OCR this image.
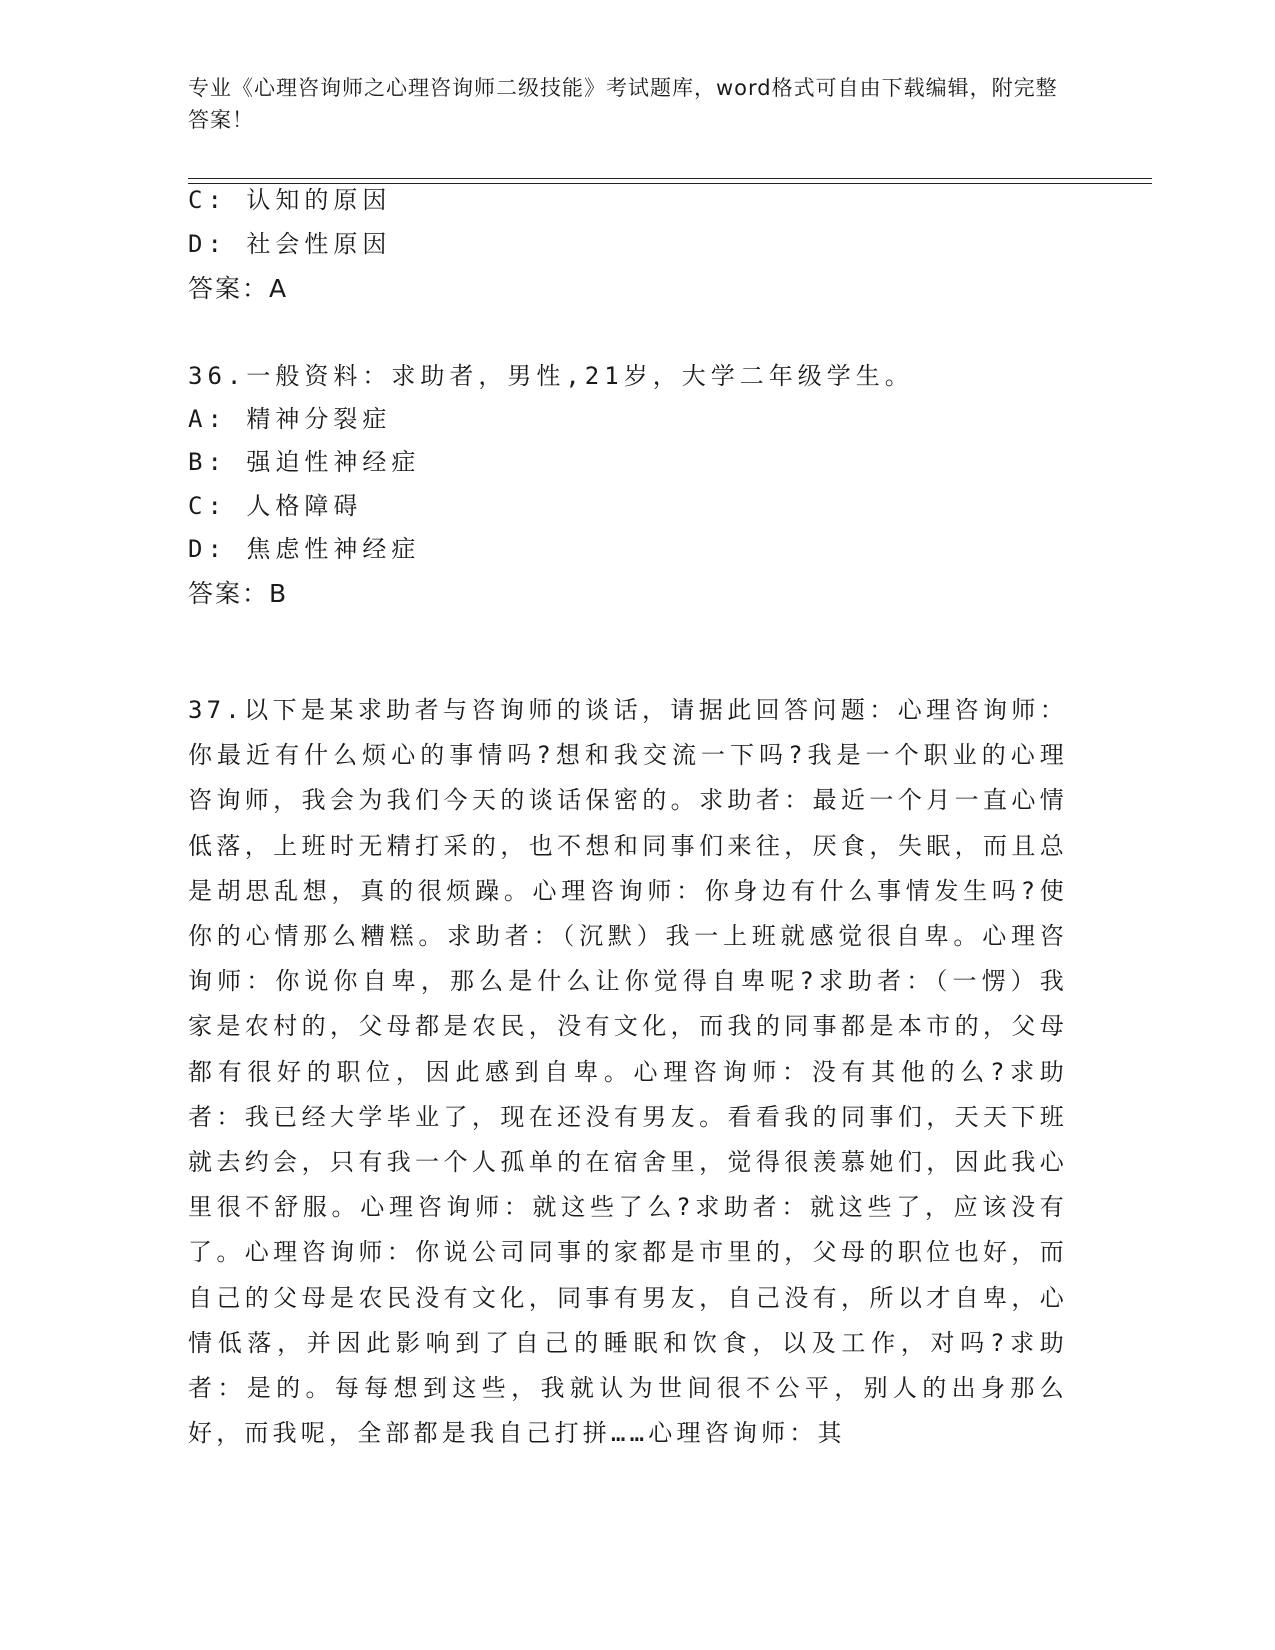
专业《心理咨询师之心理咨询师二级技能》考试题库，word格式可自由下载编辑，附完整答案！
C: 认知的原因
D: 社会性原因
答案：A
36.一般资料：求助者，男性,21岁，大学二年级学生。
A: 精神分裂症
B: 强迫性神经症
C: 人格障碍
D: 焦虑性神经症
答案：B
37.以下是某求助者与咨询师的谈话，请据此回答问题：心理咨询师：你最近有什么烦心的事情吗?想和我交流一下吗?我是一个职业的心理咨询师，我会为我们今天的谈话保密的。求助者：最近一个月一直心情低落，上班时无精打采的，也不想和同事们来往，厌食，失眠，而且总是胡思乱想，真的很烦躁。心理咨询师：你身边有什么事情发生吗?使你的心情那么糟糕。求助者：（沉默）我一上班就感觉很自卑。心理咨询师：你说你自卑，那么是什么让你觉得自卑呢?求助者：（一愣）我家是农村的，父母都是农民，没有文化，而我的同事都是本市的，父母都有很好的职位，因此感到自卑。心理咨询师：没有其他的么?求助者：我已经大学毕业了，现在还没有男友。看看我的同事们，天天下班就去约会，只有我一个人孤单的在宿舍里，觉得很羡慕她们，因此我心里很不舒服。心理咨询师：就这些了么?求助者：就这些了，应该没有了。心理咨询师：你说公司同事的家都是市里的，父母的职位也好，而自己的父母是农民没有文化，同事有男友，自己没有，所以才自卑，心情低落，并因此影响到了自己的睡眠和饮食，以及工作，对吗?求助者：是的。每每想到这些，我就认为世间很不公平，别人的出身那么好，而我呢，全部都是我自己打拼……心理咨询师：其
